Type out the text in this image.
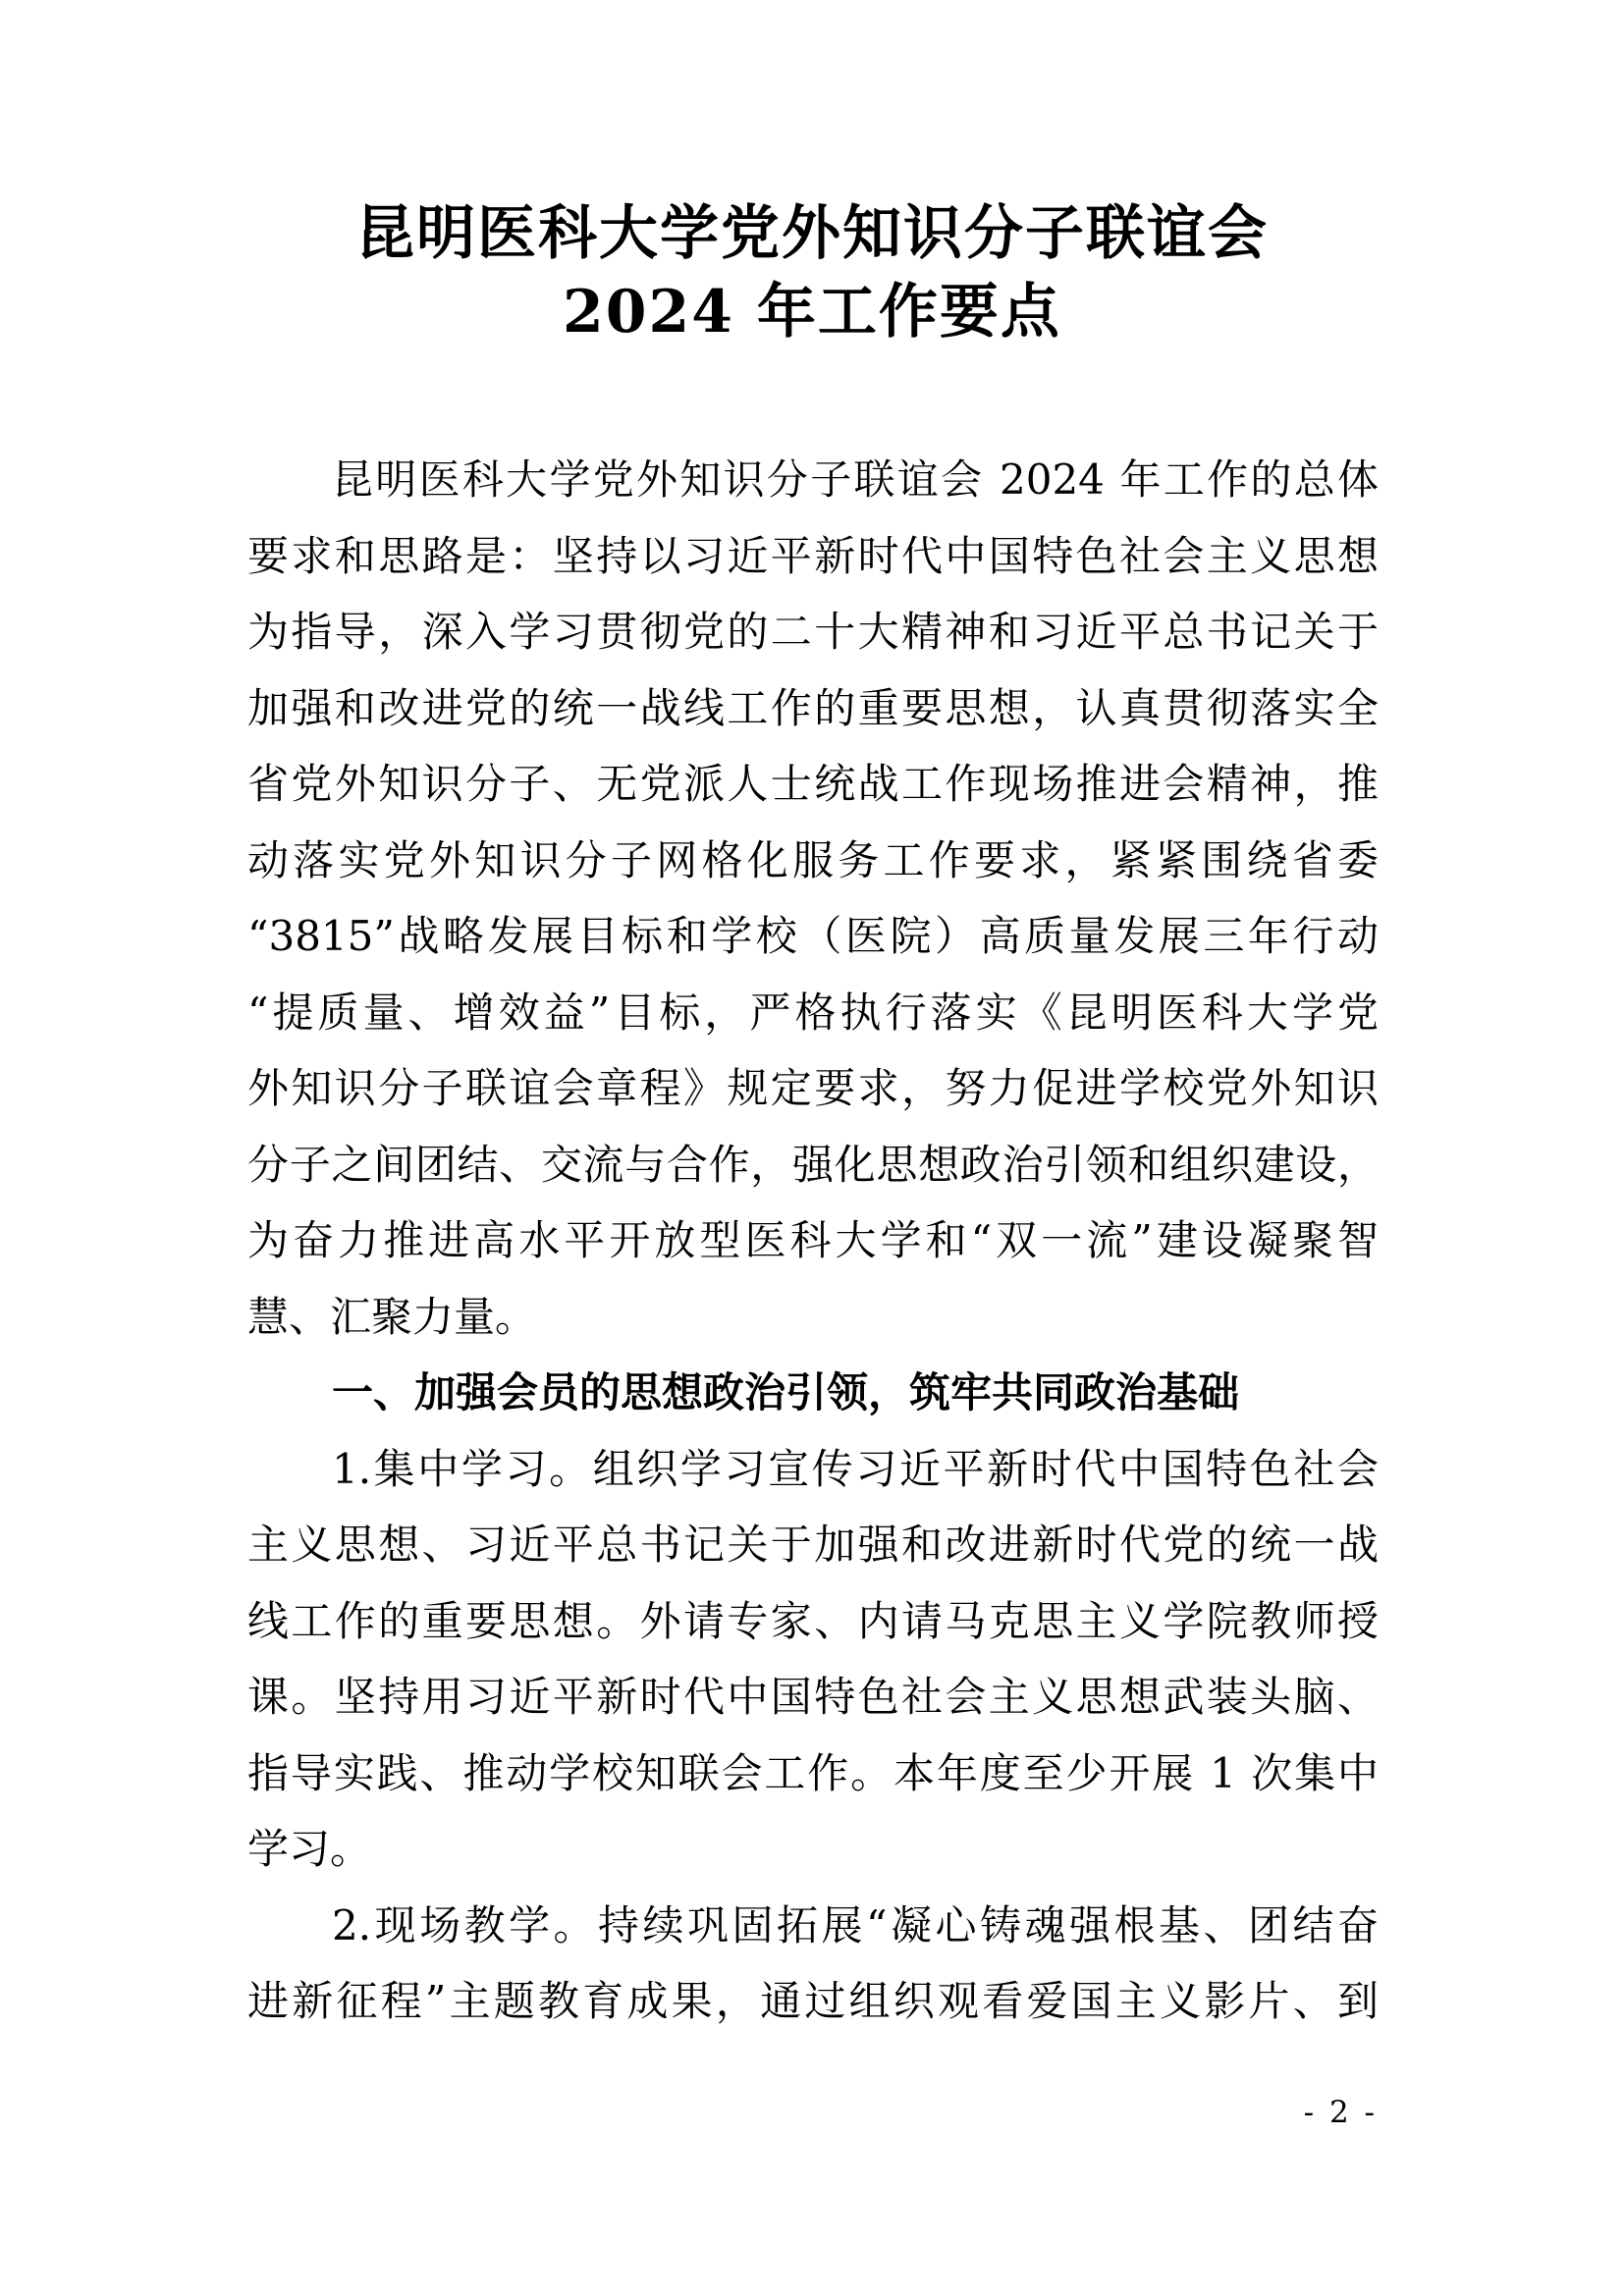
昆明医科大学党外知识分子联谊会
2024 年工作要点
昆明医科大学党外知识分子联谊会 2024 年工作的总体
要求和思路是：坚持以习近平新时代中国特色社会主义思想
为指导，深入学习贯彻党的二十大精神和习近平总书记关于
加强和改进党的统一战线工作的重要思想，认真贯彻落实全
省党外知识分子、无党派人士统战工作现场推进会精神，推
动落实党外知识分子网格化服务工作要求，紧紧围绕省委
“3815”战略发展目标和学校（医院）高质量发展三年行动
“提质量、增效益”目标，严格执行落实《昆明医科大学党
外知识分子联谊会章程》规定要求，努力促进学校党外知识
分子之间团结、交流与合作，强化思想政治引领和组织建设，
为奋力推进高水平开放型医科大学和“双一流”建设凝聚智
慧、汇聚力量。
一、加强会员的思想政治引领，筑牢共同政治基础
1.集中学习。组织学习宣传习近平新时代中国特色社会
主义思想、习近平总书记关于加强和改进新时代党的统一战
线工作的重要思想。外请专家、内请马克思主义学院教师授
课。坚持用习近平新时代中国特色社会主义思想武装头脑、
指导实践、推动学校知联会工作。本年度至少开展 1 次集中
学习。
2.现场教学。持续巩固拓展“凝心铸魂强根基、团结奋
进新征程”主题教育成果，通过组织观看爱国主义影片、到
- 2 -
